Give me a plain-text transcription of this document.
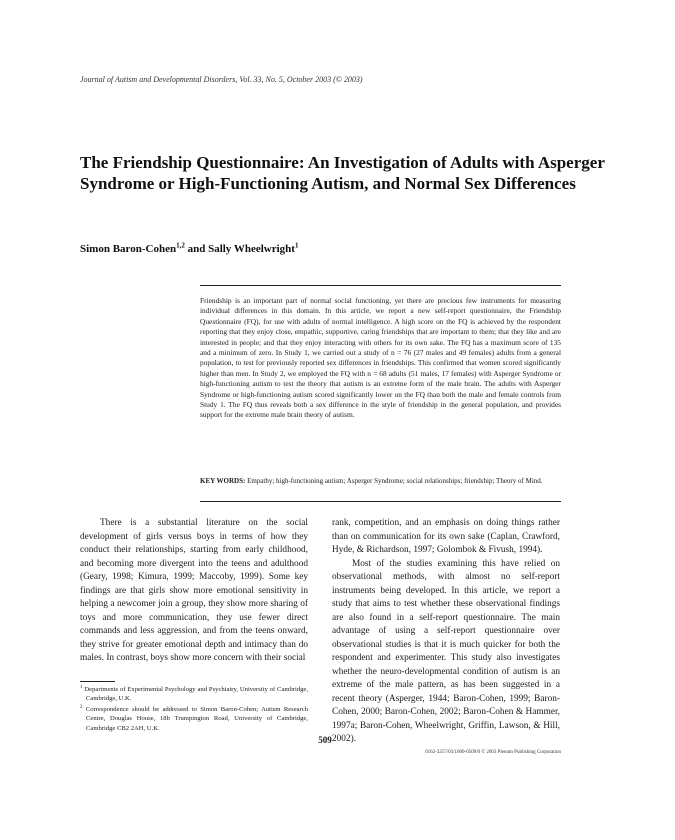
Journal of Autism and Developmental Disorders, Vol. 33, No. 5, October 2003 (© 2003)
The Friendship Questionnaire: An Investigation of Adults with Asperger Syndrome or High-Functioning Autism, and Normal Sex Differences
Simon Baron-Cohen$^{1,2}$ and Sally Wheelwright$^1$
Friendship is an important part of normal social functioning, yet there are precious few instruments for measuring individual differences in this domain. In this article, we report a new self-report questionnaire, the Friendship Questionnaire (FQ), for use with adults of normal intelligence. A high score on the FQ is achieved by the respondent reporting that they enjoy close, empathic, supportive, caring friendships that are important to them; that they like and are interested in people; and that they enjoy interacting with others for its own sake. The FQ has a maximum score of 135 and a minimum of zero. In Study 1, we carried out a study of n = 76 (27 males and 49 females) adults from a general population, to test for previously reported sex differences in friendships. This confirmed that women scored significantly higher than men. In Study 2, we employed the FQ with n = 68 adults (51 males, 17 females) with Asperger Syndrome or high-functioning autism to test the theory that autism is an extreme form of the male brain. The adults with Asperger Syndrome or high-functioning autism scored significantly lower on the FQ than both the male and female controls from Study 1. The FQ thus reveals both a sex difference in the style of friendship in the general population, and provides support for the extreme male brain theory of autism.
KEY WORDS: Empathy; high-functioning autism; Asperger Syndrome; social relationships; friendship; Theory of Mind.

There is a substantial literature on the social development of girls versus boys in terms of how they conduct their relationships, starting from early childhood, and becoming more divergent into the teens and adulthood (Geary, 1998; Kimura, 1999; Maccoby, 1999). Some key findings are that girls show more emotional sensitivity in helping a newcomer join a group, they show more sharing of toys and more communication, they use fewer direct commands and less aggression, and from the teens onward, they strive for greater emotional depth and intimacy than do males. In contrast, boys show more concern with their social

rank, competition, and an emphasis on doing things rather than on communication for its own sake (Caplan, Crawford, Hyde, & Richardson, 1997; Golombok & Fivush, 1994).

Most of the studies examining this have relied on observational methods, with almost no self-report instruments being developed. In this article, we report a study that aims to test whether these observational findings are also found in a self-report questionnaire. The main advantage of using a self-report questionnaire over observational studies is that it is much quicker for both the respondent and experimenter. This study also investigates whether the neuro-developmental condition of autism is an extreme of the male pattern, as has been suggested in a recent theory (Asperger, 1944; Baron-Cohen, 1999; Baron-Cohen, 2000; Baron-Cohen, 2002; Baron-Cohen & Hammer, 1997a; Baron-Cohen, Wheelwright, Griffin, Lawson, & Hill, 2002).

$^1$ Departments of Experimental Psychology and Psychiatry, University of Cambridge, Cambridge, U.K.

$^2$ Correspondence should be addressed to Simon Baron-Cohen; Autism Research Centre, Douglas House, 18b Trumpington Road, University of Cambridge, Cambridge CB2 2AH, U.K.

509
0162-3257/03/1000-0509/0 © 2003 Plenum Publishing Corporation
